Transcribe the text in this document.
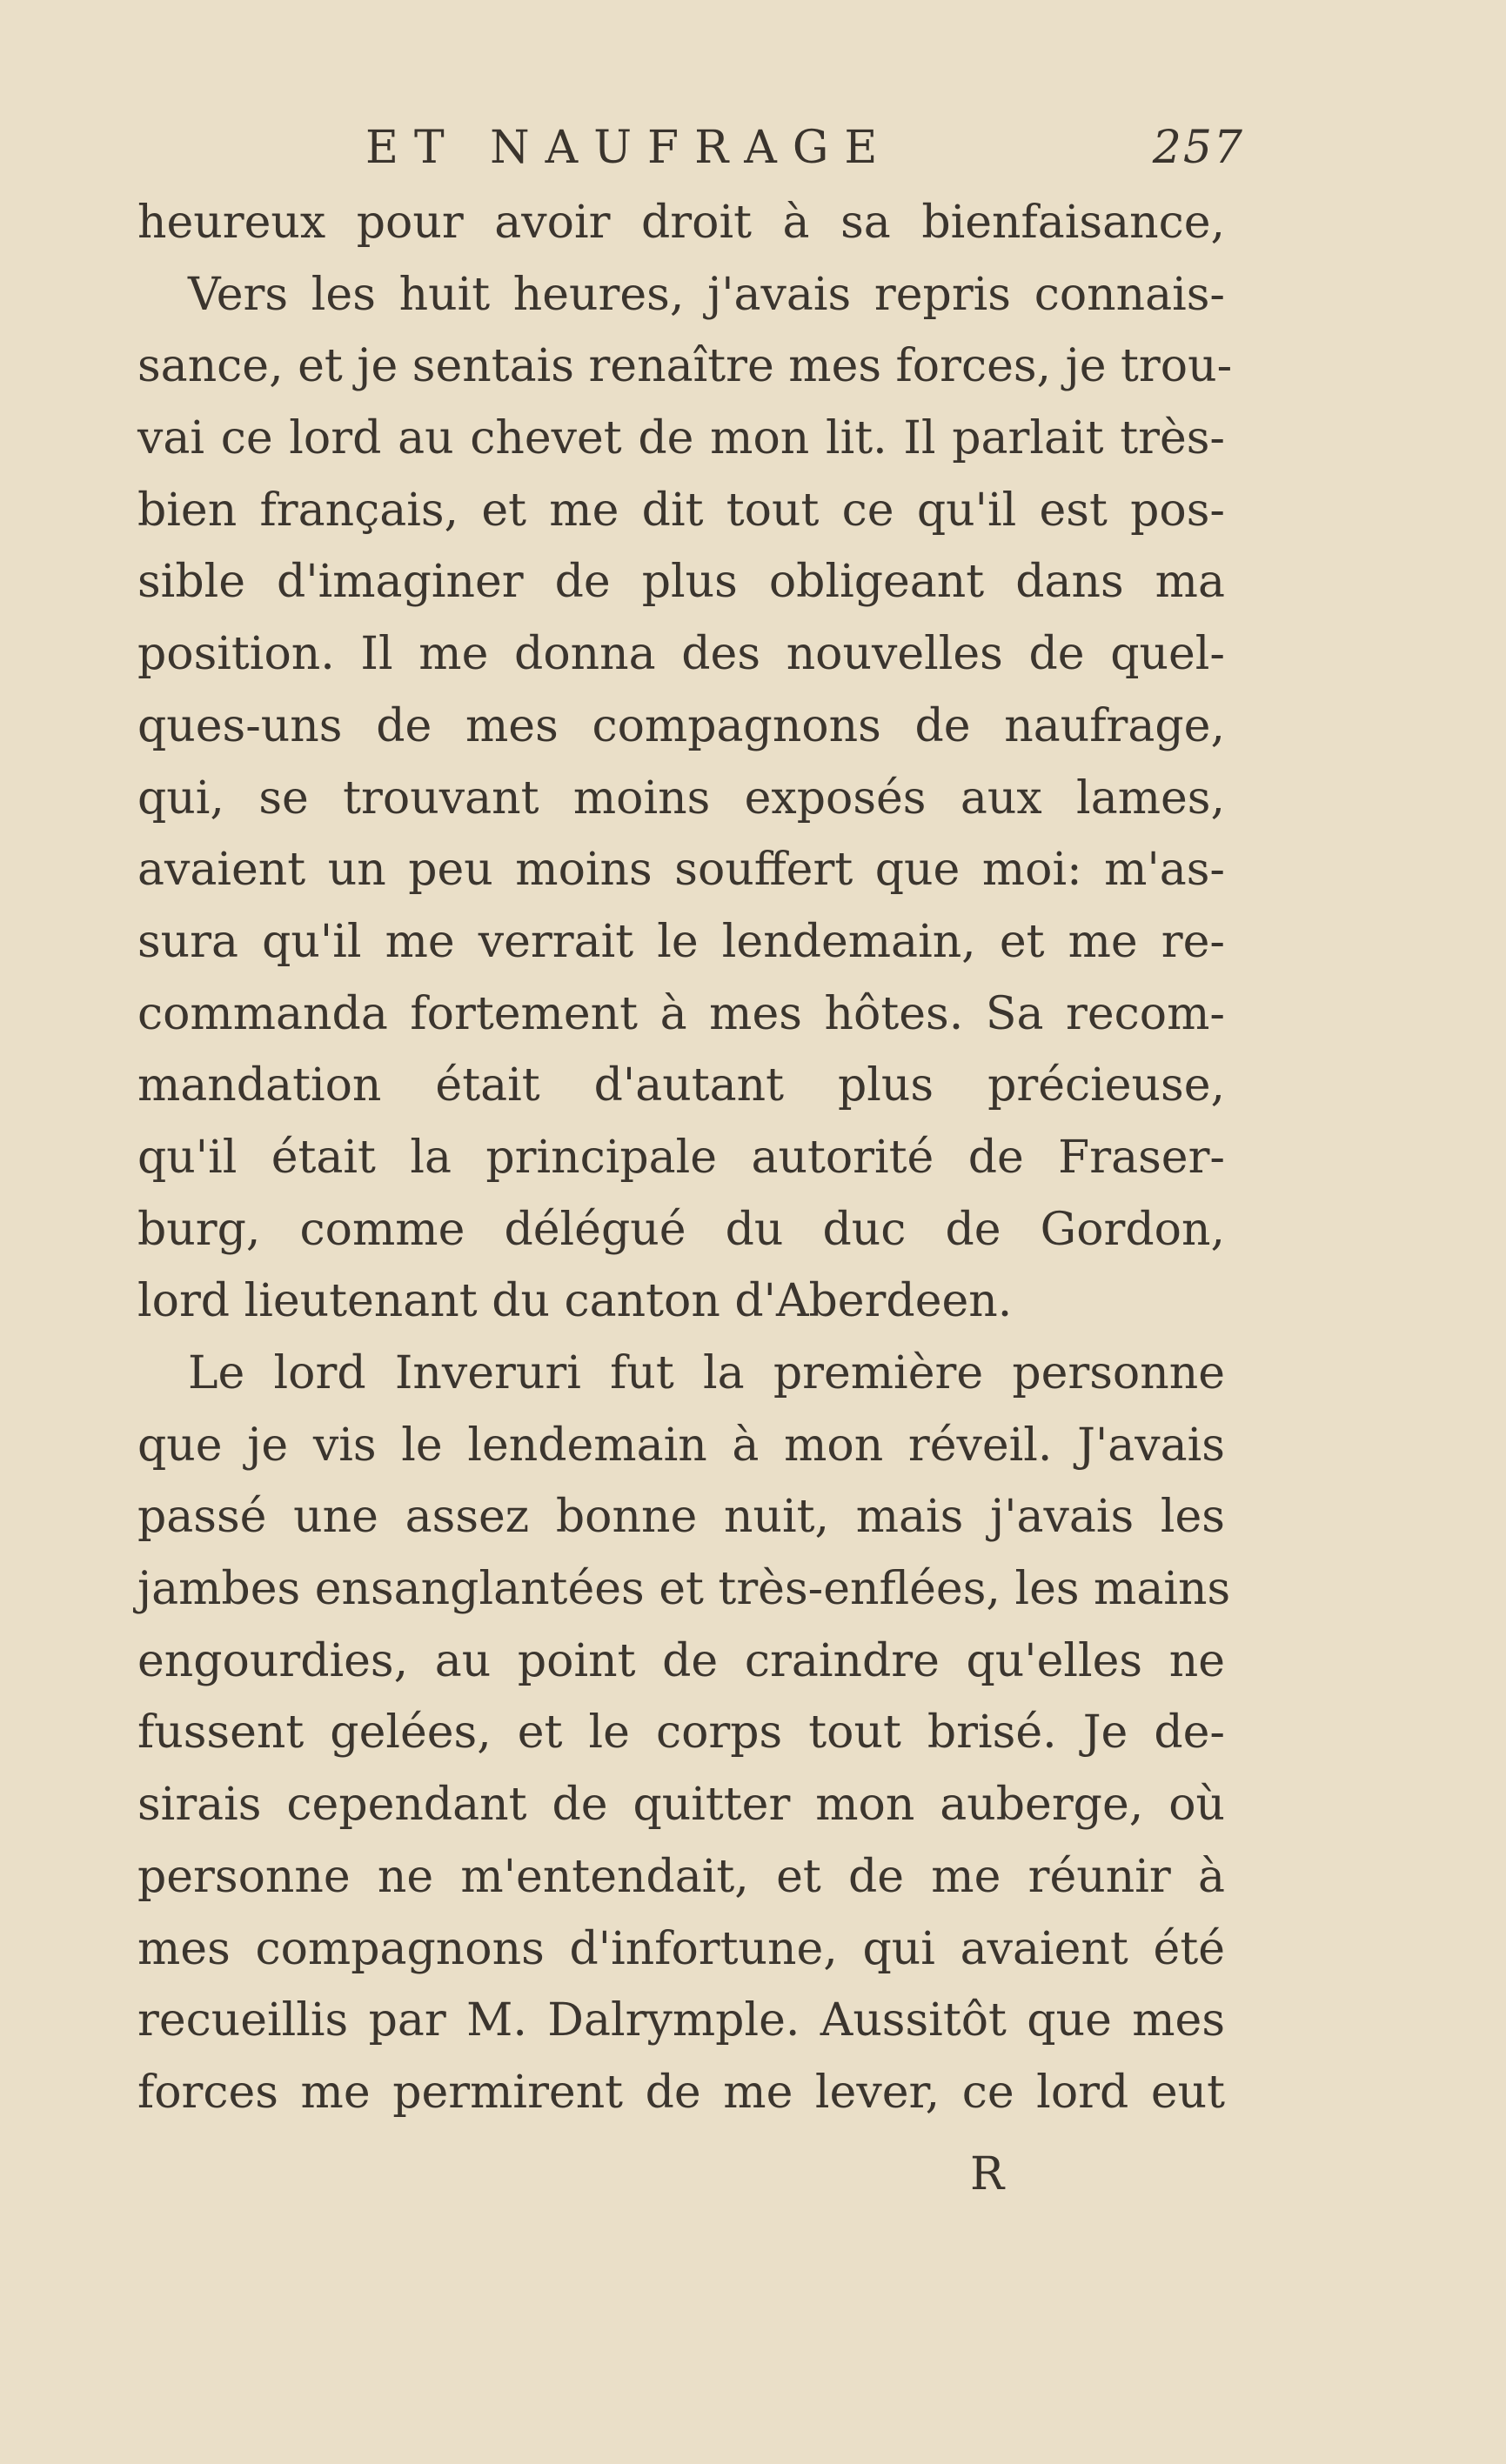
ET NAUFRAGE	257
heureux pour avoir droit à sa bienfaisance,
Vers les huit heures, j'avais repris connais-
sance, et je sentais renaître mes forces, je trou-
vai ce lord au chevet de mon lit. Il parlait très-
bien français, et me dit tout ce qu'il est pos-
sible d'imaginer de plus obligeant dans ma
position. Il me donna des nouvelles de quel-
ques-uns de mes compagnons de naufrage,
qui, se trouvant moins exposés aux lames,
avaient un peu moins souffert que moi: m'as-
sura qu'il me verrait le lendemain, et me re-
commanda fortement à mes hôtes. Sa recom-
mandation était d'autant plus précieuse,
qu'il était la principale autorité de Fraser-
burg, comme délégué du duc de Gordon,
lord lieutenant du canton d'Aberdeen.
Le lord Inveruri fut la première personne
que je vis le lendemain à mon réveil. J'avais
passé une assez bonne nuit, mais j'avais les
jambes ensanglantées et très-enflées, les mains
engourdies, au point de craindre qu'elles ne
fussent gelées, et le corps tout brisé. Je de-
sirais cependant de quitter mon auberge, où
personne ne m'entendait, et de me réunir à
mes compagnons d'infortune, qui avaient été
recueillis par M. Dalrymple. Aussitôt que mes
forces me permirent de me lever, ce lord eut
R
